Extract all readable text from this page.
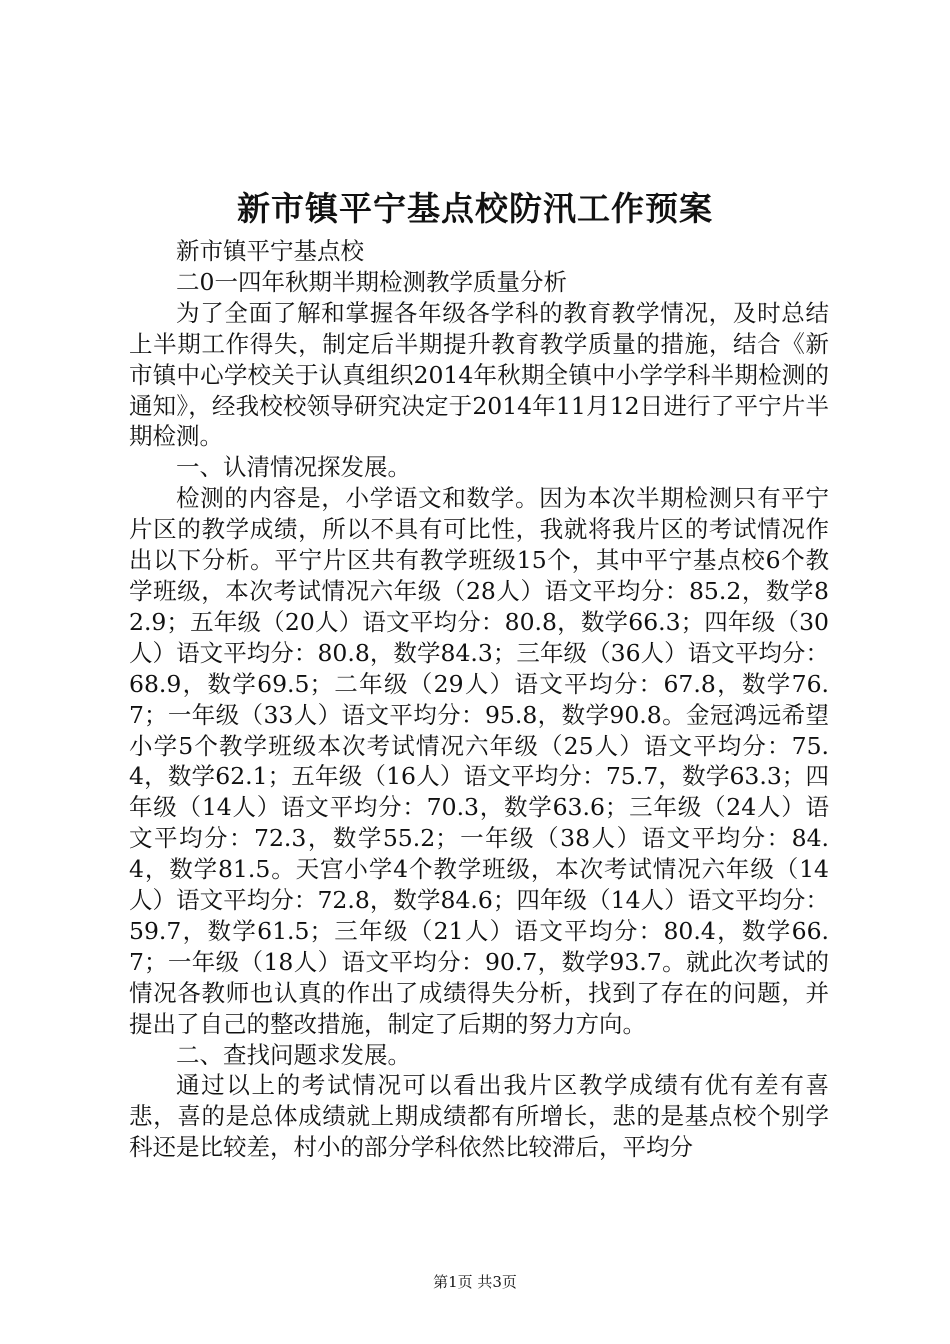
新市镇平宁基点校防汛工作预案

新市镇平宁基点校

二0一四年秋期半期检测教学质量分析

为了全面了解和掌握各年级各学科的教育教学情况，及时总结上半期工作得失，制定后半期提升教育教学质量的措施，结合《新市镇中心学校关于认真组织2014年秋期全镇中小学学科半期检测的通知》，经我校校领导研究决定于2014年11月12日进行了平宁片半期检测。

一、认清情况探发展。

检测的内容是，小学语文和数学。因为本次半期检测只有平宁片区的教学成绩，所以不具有可比性，我就将我片区的考试情况作出以下分析。平宁片区共有教学班级15个，其中平宁基点校6个教学班级，本次考试情况六年级（28人）语文平均分：85.2，数学82.9；五年级（20人）语文平均分：80.8，数学66.3；四年级（30人）语文平均分：80.8，数学84.3；三年级（36人）语文平均分：68.9，数学69.5；二年级（29人）语文平均分：67.8，数学76.7；一年级（33人）语文平均分：95.8，数学90.8。金冠鸿远希望小学5个教学班级本次考试情况六年级（25人）语文平均分：75.4，数学62.1；五年级（16人）语文平均分：75.7，数学63.3；四年级（14人）语文平均分：70.3，数学63.6；三年级（24人）语文平均分：72.3，数学55.2；一年级（38人）语文平均分：84.4，数学81.5。天宫小学4个教学班级，本次考试情况六年级（14人）语文平均分：72.8，数学84.6；四年级（14人）语文平均分：59.7，数学61.5；三年级（21人）语文平均分：80.4，数学66.7；一年级（18人）语文平均分：90.7，数学93.7。就此次考试的情况各教师也认真的作出了成绩得失分析，找到了存在的问题，并提出了自己的整改措施，制定了后期的努力方向。

二、查找问题求发展。

通过以上的考试情况可以看出我片区教学成绩有优有差有喜悲，喜的是总体成绩就上期成绩都有所增长，悲的是基点校个别学科还是比较差，村小的部分学科依然比较滞后，平均分

第1页 共3页
